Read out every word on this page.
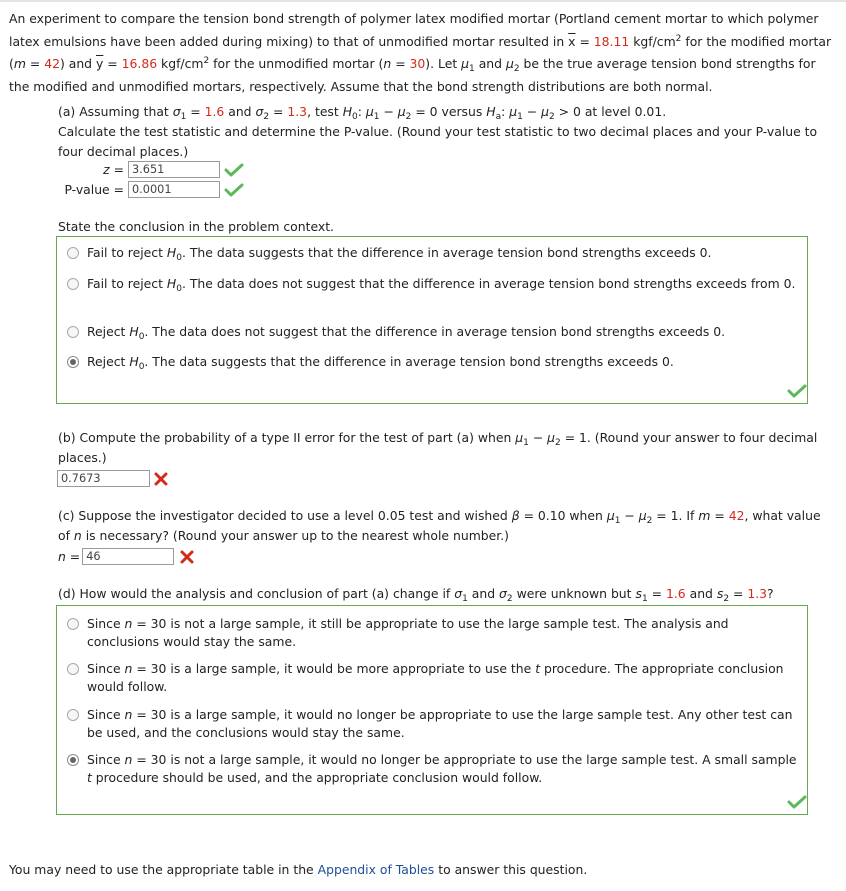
An experiment to compare the tension bond strength of polymer latex modified mortar (Portland cement mortar to which polymer latex emulsions have been added during mixing) to that of unmodified mortar resulted in $\overline{x} = 18.11$ kgf/$cm^2$ for the modified mortar (m = 42) and $\overline{y} = 16.86$ kgf/$cm^2$ for the unmodified mortar (n = 30). Let $\mu_1$ and $\mu_2$ be the true average tension bond strengths for the modified and unmodified mortars, respectively. Assume that the bond strength distributions are both normal.
(a) Assuming that $\sigma_1 = 1.6$ and $\sigma_2 = 1.3$, test $H_0$: $\mu_1 - \mu_2 = 0$ versus $H_a$: $\mu_1 - \mu_2 > 0$ at level 0.01.
Calculate the test statistic and determine the P-value. (Round your test statistic to two decimal places and your P-value to four decimal places.)
z = 3.651
P-value = 0.0001
State the conclusion in the problem context.
Fail to reject $H_0$. The data suggests that the difference in average tension bond strengths exceeds 0.
Fail to reject $H_0$. The data does not suggest that the difference in average tension bond strengths exceeds from 0.
Reject $H_0$. The data does not suggest that the difference in average tension bond strengths exceeds 0.
Reject $H_0$. The data suggests that the difference in average tension bond strengths exceeds 0.
(b) Compute the probability of a type II error for the test of part (a) when $\mu_1 - \mu_2 = 1$. (Round your answer to four decimal places.)
0.7673
(c) Suppose the investigator decided to use a level 0.05 test and wished β = 0.10 when $\mu_1 - \mu_2 = 1$. If m = 42, what value of n is necessary? (Round your answer up to the nearest whole number.)
n = 46
(d) How would the analysis and conclusion of part (a) change if $\sigma_1$ and $\sigma_2$ were unknown but $s_1 = 1.6$ and $s_2 = 1.3$?
Since n = 30 is not a large sample, it still be appropriate to use the large sample test. The analysis and conclusions would stay the same.
Since n = 30 is a large sample, it would be more appropriate to use the t procedure. The appropriate conclusion would follow.
Since n = 30 is a large sample, it would no longer be appropriate to use the large sample test. Any other test can be used, and the conclusions would stay the same.
Since n = 30 is not a large sample, it would no longer be appropriate to use the large sample test. A small sample t procedure should be used, and the appropriate conclusion would follow.
You may need to use the appropriate table in the Appendix of Tables to answer this question.
